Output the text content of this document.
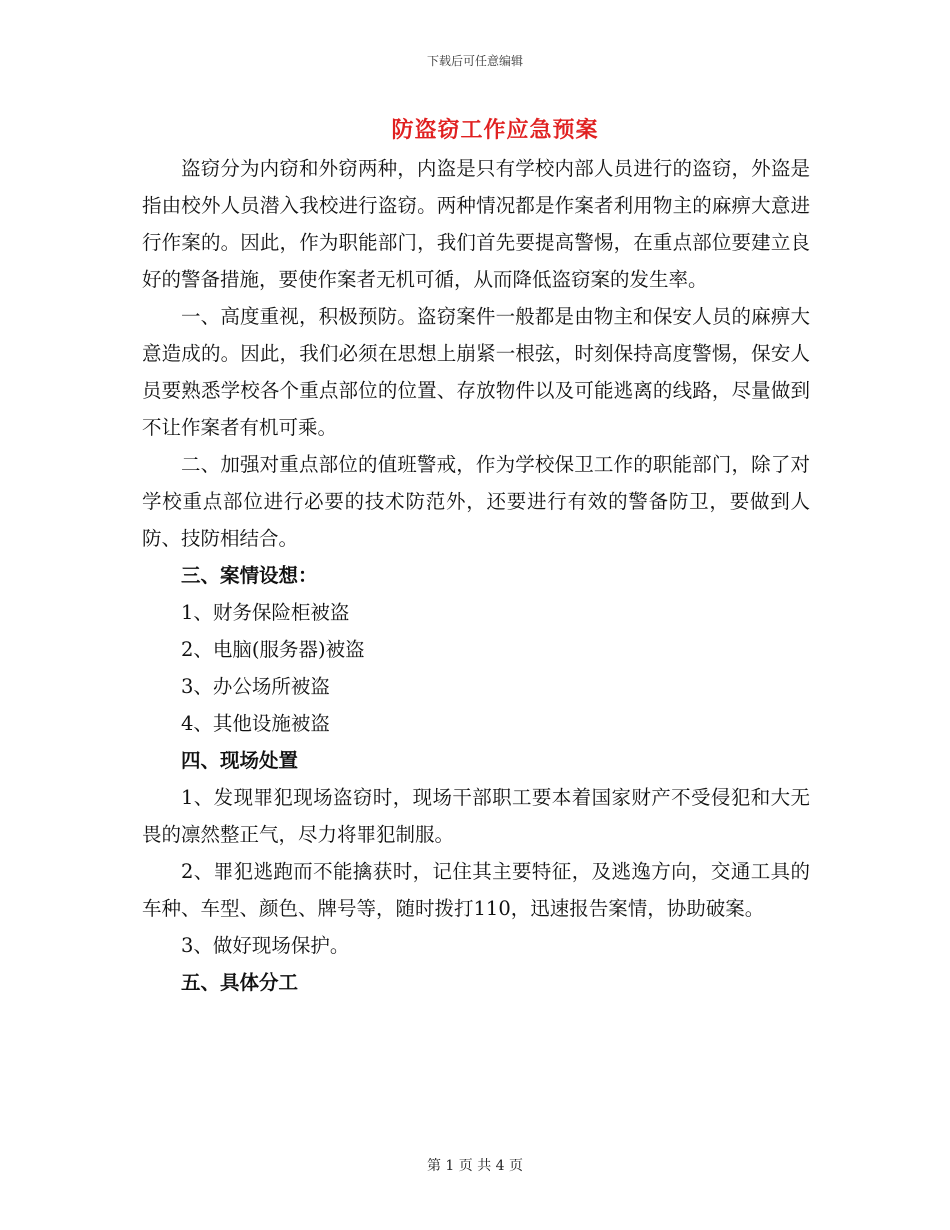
下载后可任意编辑
防盗窃工作应急预案

盗窃分为内窃和外窃两种，内盗是只有学校内部人员进行的盗窃，外盗是指由校外人员潜入我校进行盗窃。两种情况都是作案者利用物主的麻痹大意进行作案的。因此，作为职能部门，我们首先要提高警惕，在重点部位要建立良好的警备措施，要使作案者无机可循，从而降低盗窃案的发生率。

一、高度重视，积极预防。盗窃案件一般都是由物主和保安人员的麻痹大意造成的。因此，我们必须在思想上崩紧一根弦，时刻保持高度警惕，保安人员要熟悉学校各个重点部位的位置、存放物件以及可能逃离的线路，尽量做到不让作案者有机可乘。

二、加强对重点部位的值班警戒，作为学校保卫工作的职能部门，除了对学校重点部位进行必要的技术防范外，还要进行有效的警备防卫，要做到人防、技防相结合。

三、案情设想：

1、财务保险柜被盗

2、电脑(服务器)被盗

3、办公场所被盗

4、其他设施被盗

四、现场处置

1、发现罪犯现场盗窃时，现场干部职工要本着国家财产不受侵犯和大无畏的凛然整正气，尽力将罪犯制服。

2、罪犯逃跑而不能擒获时，记住其主要特征，及逃逸方向，交通工具的车种、车型、颜色、牌号等，随时拨打110，迅速报告案情，协助破案。

3、做好现场保护。

五、具体分工

第 1 页 共 4 页
